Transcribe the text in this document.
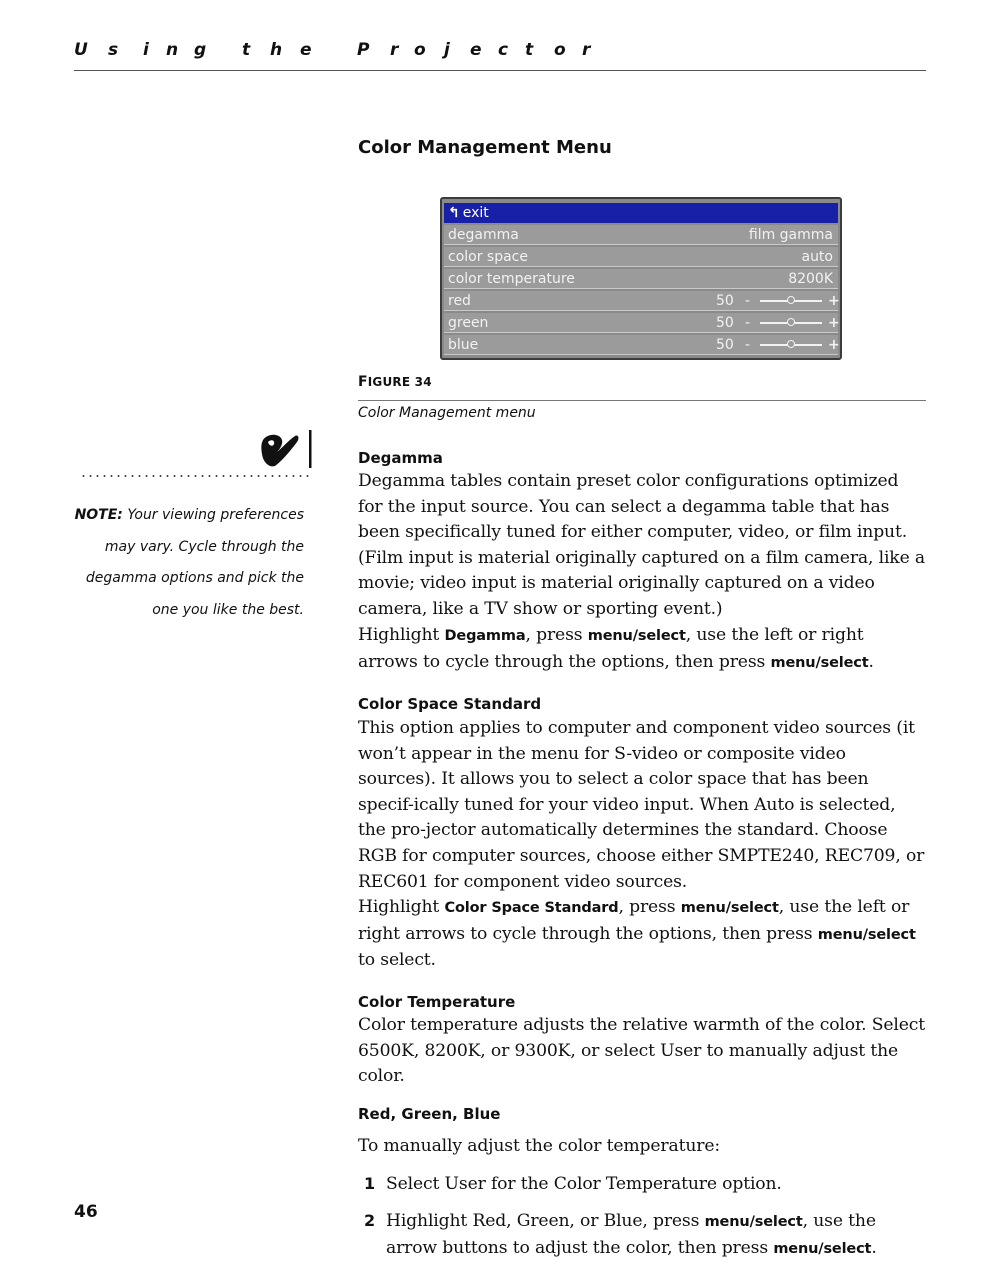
U s i n g t h e	P r o j e c t o r
Color Management Menu
↰ exit
degamma	film gamma
color space	auto
color temperature	8200K
red	50 -	+
green	50 -	+
blue	50 -	+
FIGURE 34
Color Management menu
NOTE: Your viewing preferences may vary. Cycle through the degamma options and pick the one you like the best.
Degamma
Degamma tables contain preset color configurations optimized for the input source. You can select a degamma table that has been specifically tuned for either computer, video, or film input. (Film input is material originally captured on a film camera, like a movie; video input is material originally captured on a video camera, like a TV show or sporting event.)
Highlight Degamma, press menu/select, use the left or right arrows to cycle through the options, then press menu/select.
Color Space Standard
This option applies to computer and component video sources (it won’t appear in the menu for S-video or composite video sources). It allows you to select a color space that has been specif-ically tuned for your video input. When Auto is selected, the pro-jector automatically determines the standard. Choose RGB for computer sources, choose either SMPTE240, REC709, or REC601 for component video sources.
Highlight Color Space Standard, press menu/select, use the left or right arrows to cycle through the options, then press menu/select to select.
Color Temperature
Color temperature adjusts the relative warmth of the color. Select 6500K, 8200K, or 9300K, or select User to manually adjust the color.
Red, Green, Blue
To manually adjust the color temperature:
1 Select User for the Color Temperature option.
2 Highlight Red, Green, or Blue, press menu/select, use the arrow buttons to adjust the color, then press menu/select.
46
